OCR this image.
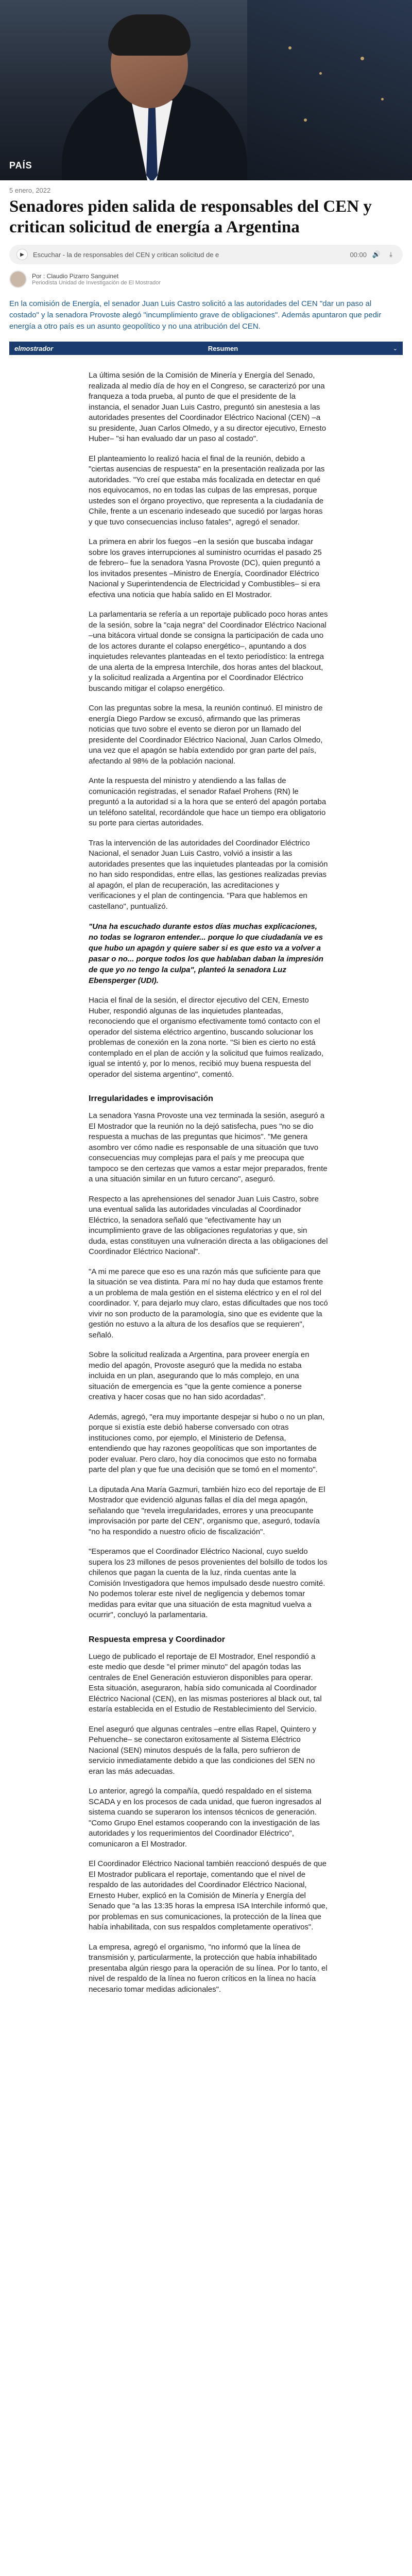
PAÍS
5 enero, 2022
Senadores piden salida de responsables del CEN y critican solicitud de energía a Argentina
▶	Escuchar - la de responsables del CEN y critican solicitud de e	00:00 🔊	⤓
Por : Claudio Pizarro Sanguinet
Periodista Unidad de Investigación de El Mostrador

En la comisión de Energía, el senador Juan Luis Castro solicitó a las autoridades del CEN "dar un paso al costado" y la senadora Provoste alegó "incumplimiento grave de obligaciones". Además apuntaron que pedir energía a otro país es un asunto geopolítico y no una atribución del CEN.

elmostrador	Resumen	⌄

La última sesión de la Comisión de Minería y Energía del Senado, realizada al medio día de hoy en el Congreso, se caracterizó por una franqueza a toda prueba, al punto de que el presidente de la instancia, el senador Juan Luis Castro, preguntó sin anestesia a las autoridades presentes del Coordinador Eléctrico Nacional (CEN) –a su presidente, Juan Carlos Olmedo, y a su director ejecutivo, Ernesto Huber– "si han evaluado dar un paso al costado".

El planteamiento lo realizó hacia el final de la reunión, debido a "ciertas ausencias de respuesta" en la presentación realizada por las autoridades. "Yo creí que estaba más focalizada en detectar en qué nos equivocamos, no en todas las culpas de las empresas, porque ustedes son el órgano proyectivo, que representa a la ciudadanía de Chile, frente a un escenario indeseado que sucedió por largas horas y que tuvo consecuencias incluso fatales", agregó el senador.

La primera en abrir los fuegos –en la sesión que buscaba indagar sobre los graves interrupciones al suministro ocurridas el pasado 25 de febrero– fue la senadora Yasna Provoste (DC), quien preguntó a los invitados presentes –Ministro de Energía, Coordinador Eléctrico Nacional y Superintendencia de Electricidad y Combustibles– si era efectiva una noticia que había salido en El Mostrador.

La parlamentaria se refería a un reportaje publicado poco horas antes de la sesión, sobre la "caja negra" del Coordinador Eléctrico Nacional –una bitácora virtual donde se consigna la participación de cada uno de los actores durante el colapso energético–, apuntando a dos inquietudes relevantes planteadas en el texto periodístico: la entrega de una alerta de la empresa Interchile, dos horas antes del blackout, y la solicitud realizada a Argentina por el Coordinador Eléctrico buscando mitigar el colapso energético.

Con las preguntas sobre la mesa, la reunión continuó. El ministro de energía Diego Pardow se excusó, afirmando que las primeras noticias que tuvo sobre el evento se dieron por un llamado del presidente del Coordinador Eléctrico Nacional, Juan Carlos Olmedo, una vez que el apagón se había extendido por gran parte del país, afectando al 98% de la población nacional.

Ante la respuesta del ministro y atendiendo a las fallas de comunicación registradas, el senador Rafael Prohens (RN) le preguntó a la autoridad si a la hora que se enteró del apagón portaba un teléfono satelital, recordándole que hace un tiempo era obligatorio su porte para ciertas autoridades.

Tras la intervención de las autoridades del Coordinador Eléctrico Nacional, el senador Juan Luis Castro, volvió a insistir a las autoridades presentes que las inquietudes planteadas por la comisión no han sido respondidas, entre ellas, las gestiones realizadas previas al apagón, el plan de recuperación, las acreditaciones y verificaciones y el plan de contingencia. "Para que hablemos en castellano", puntualizó.

"Una ha escuchado durante estos días muchas explicaciones, no todas se lograron entender... porque lo que ciudadanía ve es que hubo un apagón y quiere saber si es que esto va a volver a pasar o no... porque todos los que hablaban daban la impresión de que yo no tengo la culpa", planteó la senadora Luz Ebensperger (UDI).

Hacia el final de la sesión, el director ejecutivo del CEN, Ernesto Huber, respondió algunas de las inquietudes planteadas, reconociendo que el organismo efectivamente tomó contacto con el operador del sistema eléctrico argentino, buscando solucionar los problemas de conexión en la zona norte. "Si bien es cierto no está contemplado en el plan de acción y la solicitud que fuimos realizado, igual se intentó y, por lo menos, recibió muy buena respuesta del operador del sistema argentino", comentó.

Irregularidades e improvisación

La senadora Yasna Provoste una vez terminada la sesión, aseguró a El Mostrador que la reunión no la dejó satisfecha, pues "no se dio respuesta a muchas de las preguntas que hicimos". "Me genera asombro ver cómo nadie es responsable de una situación que tuvo consecuencias muy complejas para el país y me preocupa que tampoco se den certezas que vamos a estar mejor preparados, frente a una situación similar en un futuro cercano", aseguró.

Respecto a las aprehensiones del senador Juan Luis Castro, sobre una eventual salida las autoridades vinculadas al Coordinador Eléctrico, la senadora señaló que "efectivamente hay un incumplimiento grave de las obligaciones regulatorias y que, sin duda, estas constituyen una vulneración directa a las obligaciones del Coordinador Eléctrico Nacional".

"A mi me parece que eso es una razón más que suficiente para que la situación se vea distinta. Para mí no hay duda que estamos frente a un problema de mala gestión en el sistema eléctrico y en el rol del coordinador. Y, para dejarlo muy claro, estas dificultades que nos tocó vivir no son producto de la paramología, sino que es evidente que la gestión no estuvo a la altura de los desafíos que se requieren", señaló.

Sobre la solicitud realizada a Argentina, para proveer energía en medio del apagón, Provoste aseguró que la medida no estaba incluida en un plan, asegurando que lo más complejo, en una situación de emergencia es "que la gente comience a ponerse creativa y hacer cosas que no han sido acordadas".

Además, agregó, "era muy importante despejar si hubo o no un plan, porque si existía este debió haberse conversado con otras instituciones como, por ejemplo, el Ministerio de Defensa, entendiendo que hay razones geopolíticas que son importantes de poder evaluar. Pero claro, hoy día conocimos que esto no formaba parte del plan y que fue una decisión que se tomó en el momento".

La diputada Ana María Gazmuri, también hizo eco del reportaje de El Mostrador que evidenció algunas fallas el día del mega apagón, señalando que "revela irregularidades, errores y una preocupante improvisación por parte del CEN", organismo que, aseguró, todavía "no ha respondido a nuestro oficio de fiscalización".

"Esperamos que el Coordinador Eléctrico Nacional, cuyo sueldo supera los 23 millones de pesos provenientes del bolsillo de todos los chilenos que pagan la cuenta de la luz, rinda cuentas ante la Comisión Investigadora que hemos impulsado desde nuestro comité. No podemos tolerar este nivel de negligencia y debemos tomar medidas para evitar que una situación de esta magnitud vuelva a ocurrir", concluyó la parlamentaria.

Respuesta empresa y Coordinador

Luego de publicado el reportaje de El Mostrador, Enel respondió a este medio que desde "el primer minuto" del apagón todas las centrales de Enel Generación estuvieron disponibles para operar. Esta situación, aseguraron, había sido comunicada al Coordinador Eléctrico Nacional (CEN), en las mismas posteriores al black out, tal estaría establecida en el Estudio de Restablecimiento del Servicio.

Enel aseguró que algunas centrales –entre ellas Rapel, Quintero y Pehuenche– se conectaron exitosamente al Sistema Eléctrico Nacional (SEN) minutos después de la falla, pero sufrieron de servicio inmediatamente debido a que las condiciones del SEN no eran las más adecuadas.

Lo anterior, agregó la compañía, quedó respaldado en el sistema SCADA y en los procesos de cada unidad, que fueron ingresados al sistema cuando se superaron los intensos técnicos de generación. "Como Grupo Enel estamos cooperando con la investigación de las autoridades y los requerimientos del Coordinador Eléctrico", comunicaron a El Mostrador.

El Coordinador Eléctrico Nacional también reaccionó después de que El Mostrador publicara el reportaje, comentando que el nivel de respaldo de las autoridades del Coordinador Eléctrico Nacional, Ernesto Huber, explicó en la Comisión de Minería y Energía del Senado que "a las 13:35 horas la empresa ISA Interchile informó que, por problemas en sus comunicaciones, la protección de la línea que había inhabilitada, con sus respaldos completamente operativos".

La empresa, agregó el organismo, "no informó que la línea de transmisión y, particularmente, la protección que había inhabilitado presentaba algún riesgo para la operación de su línea. Por lo tanto, el nivel de respaldo de la línea no fueron críticos en la línea no hacía necesario tomar medidas adicionales".
